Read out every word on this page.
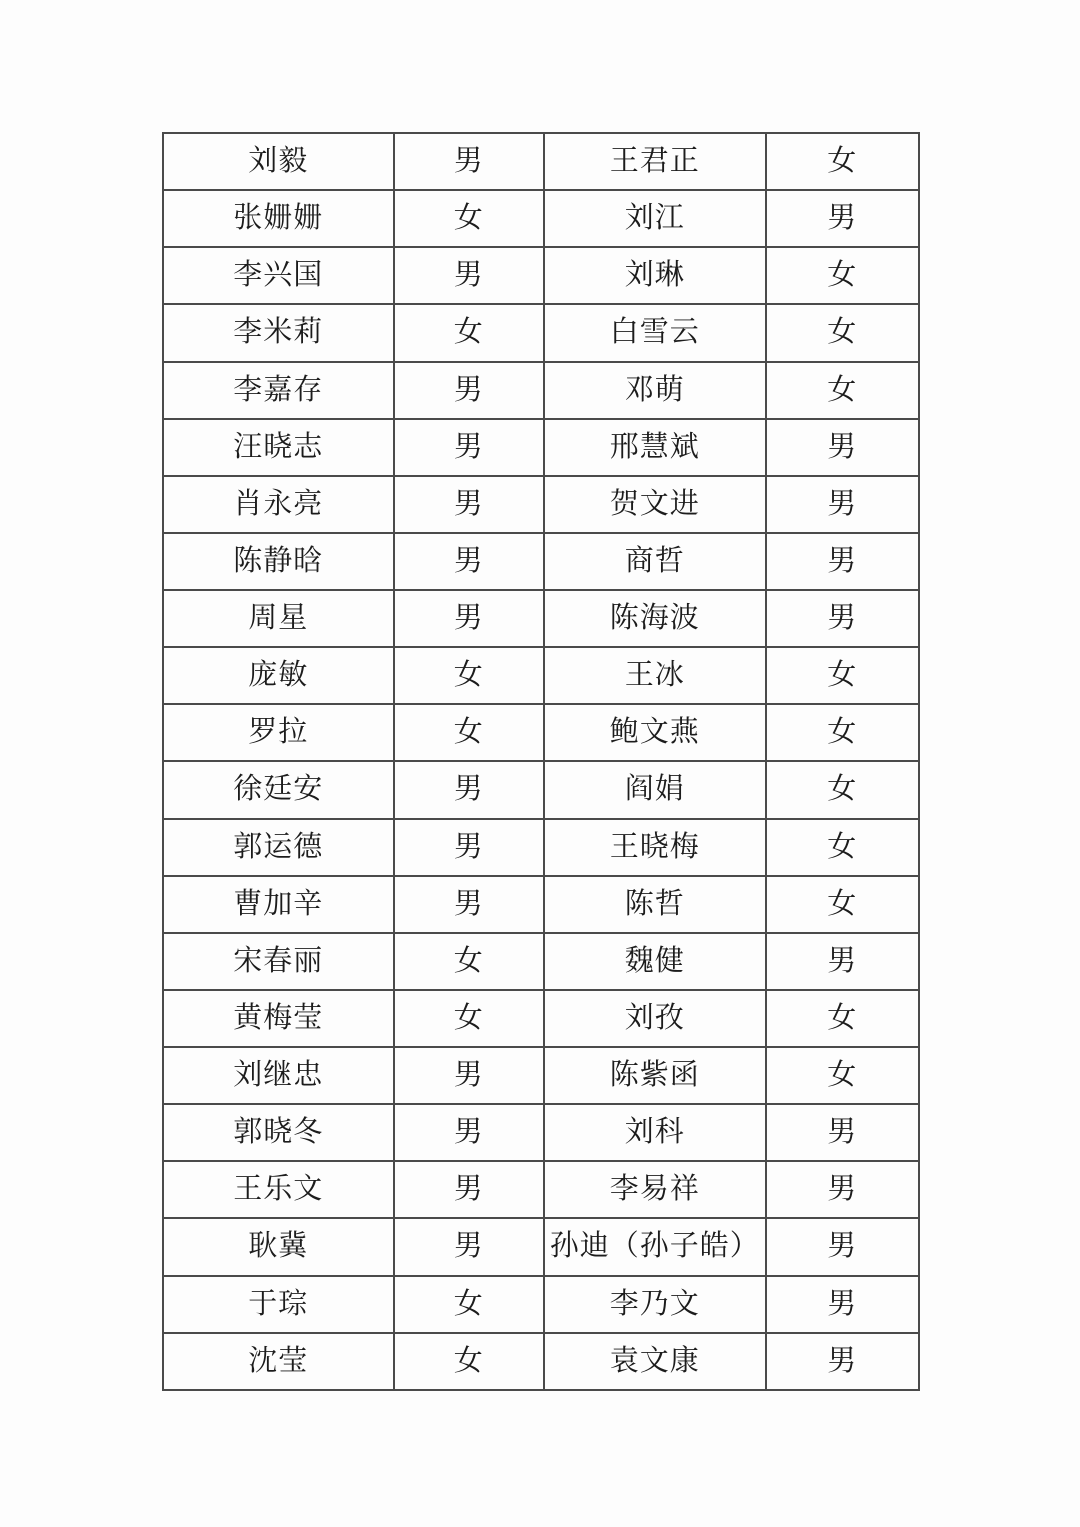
刘毅	男	王君正	女
张姗姗	女	刘江	男
李兴国	男	刘琳	女
李米莉	女	白雪云	女
李嘉存	男	邓萌	女
汪晓志	男	邢慧斌	男
肖永亮	男	贺文进	男
陈静晗	男	商哲	男
周星	男	陈海波	男
庞敏	女	王冰	女
罗拉	女	鲍文燕	女
徐廷安	男	阎娟	女
郭运德	男	王晓梅	女
曹加辛	男	陈哲	女
宋春丽	女	魏健	男
黄梅莹	女	刘孜	女
刘继忠	男	陈紫函	女
郭晓冬	男	刘科	男
王乐文	男	李易祥	男
耿冀	男	孙迪（孙子皓）	男
于琮	女	李乃文	男
沈莹	女	袁文康	男
